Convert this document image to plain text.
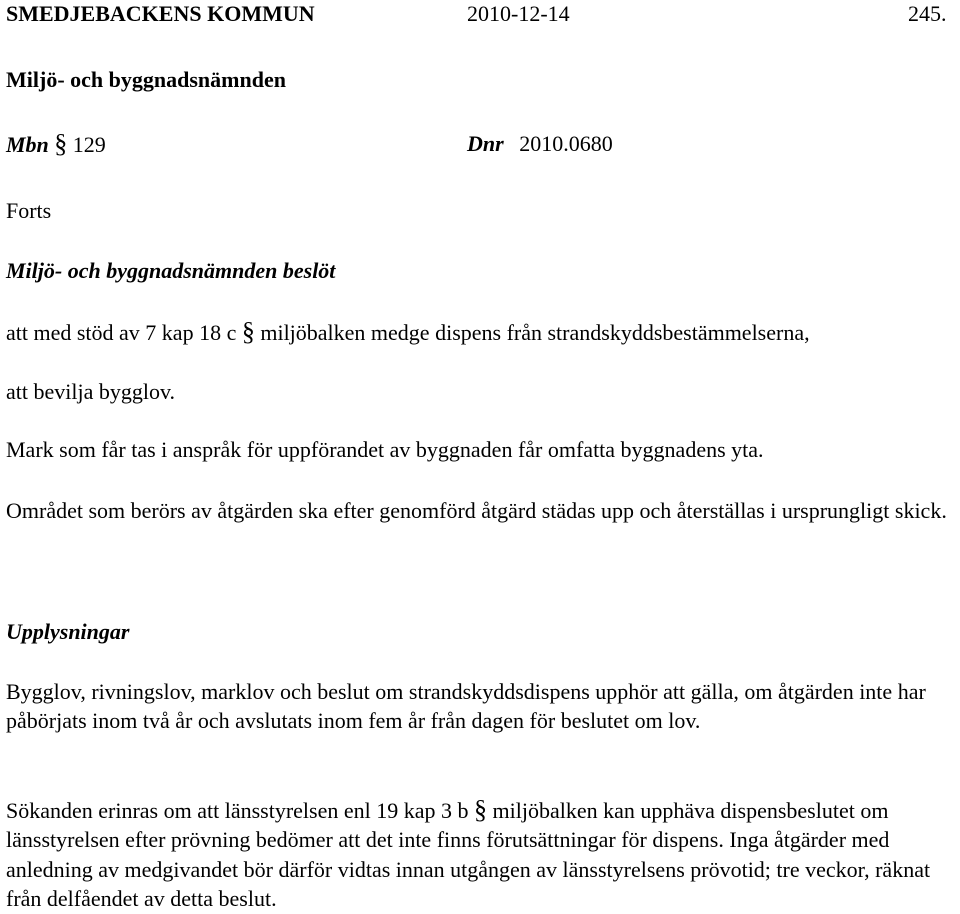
SMEDJEBACKENS KOMMUN	2010-12-14	245.
Miljö- och byggnadsnämnden
Mbn § 129	Dnr 2010.0680
Forts
Miljö- och byggnadsnämnden beslöt
att med stöd av 7 kap 18 c § miljöbalken medge dispens från strandskyddsbestämmelserna,
att bevilja bygglov.
Mark som får tas i anspråk för uppförandet av byggnaden får omfatta byggnadens yta.
Området som berörs av åtgärden ska efter genomförd åtgärd städas upp och återställas i ursprungligt skick.
Upplysningar
Bygglov, rivningslov, marklov och beslut om strandskyddsdispens upphör att gälla, om åtgärden inte har påbörjats inom två år och avslutats inom fem år från dagen för beslutet om lov.
Sökanden erinras om att länsstyrelsen enl 19 kap 3 b § miljöbalken kan upphäva dispensbeslutet om länsstyrelsen efter prövning bedömer att det inte finns förutsättningar för dispens. Inga åtgärder med anledning av medgivandet bör därför vidtas innan utgången av länsstyrelsens prövotid; tre veckor, räknat från delfåendet av detta beslut.
